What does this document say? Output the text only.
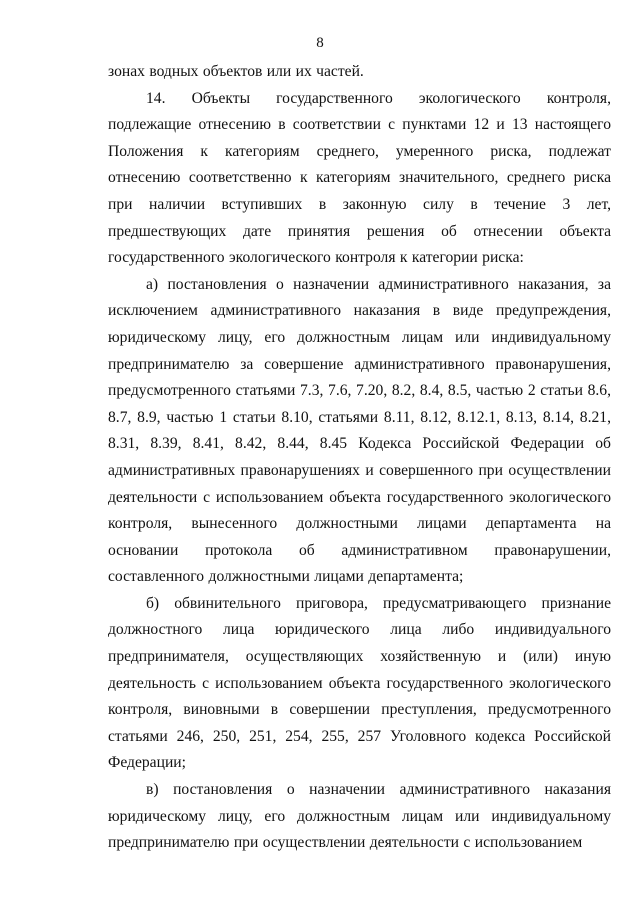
8

зонах водных объектов или их частей.

14. Объекты государственного экологического контроля, подлежащие отнесению в соответствии с пунктами 12 и 13 настоящего Положения к категориям среднего, умеренного риска, подлежат отнесению соответственно к категориям значительного, среднего риска при наличии вступивших в законную силу в течение 3 лет, предшествующих дате принятия решения об отнесении объекта государственного экологического контроля к категории риска:

а) постановления о назначении административного наказания, за исключением административного наказания в виде предупреждения, юридическому лицу, его должностным лицам или индивидуальному предпринимателю за совершение административного правонарушения, предусмотренного статьями 7.3, 7.6, 7.20, 8.2, 8.4, 8.5, частью 2 статьи 8.6, 8.7, 8.9, частью 1 статьи 8.10, статьями 8.11, 8.12, 8.12.1, 8.13, 8.14, 8.21, 8.31, 8.39, 8.41, 8.42, 8.44, 8.45 Кодекса Российской Федерации об административных правонарушениях и совершенного при осуществлении деятельности с использованием объекта государственного экологического контроля, вынесенного должностными лицами департамента на основании протокола об административном правонарушении, составленного должностными лицами департамента;

б) обвинительного приговора, предусматривающего признание должностного лица юридического лица либо индивидуального предпринимателя, осуществляющих хозяйственную и (или) иную деятельность с использованием объекта государственного экологического контроля, виновными в совершении преступления, предусмотренного статьями 246, 250, 251, 254, 255, 257 Уголовного кодекса Российской Федерации;

в) постановления о назначении административного наказания юридическому лицу, его должностным лицам или индивидуальному предпринимателю при осуществлении деятельности с использованием
